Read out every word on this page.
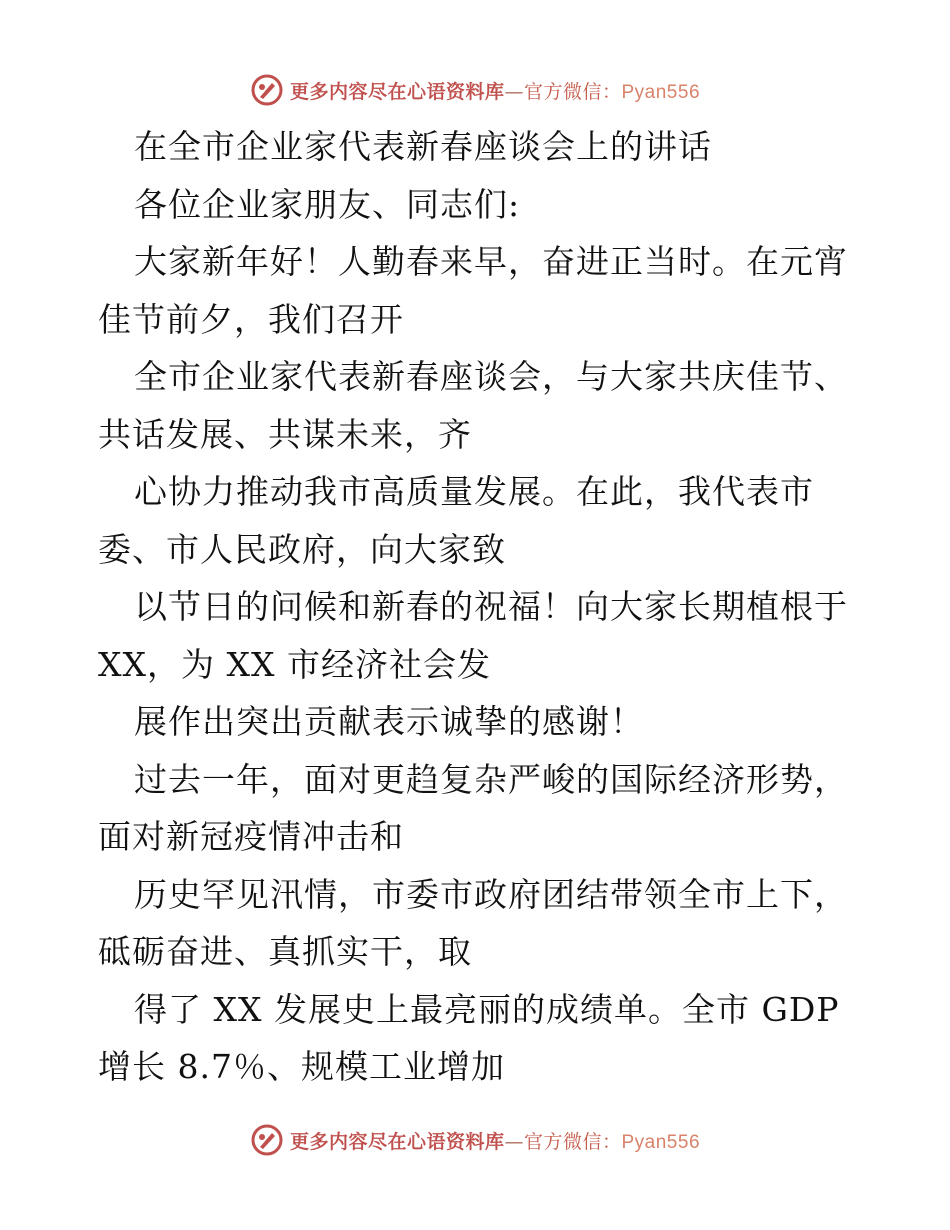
更多内容尽在心语资料库—官方微信：Pyan556
在全市企业家代表新春座谈会上的讲话
各位企业家朋友、同志们:
大家新年好！人勤春来早，奋进正当时。在元宵
佳节前夕，我们召开
全市企业家代表新春座谈会，与大家共庆佳节、
共话发展、共谋未来，齐
心协力推动我市高质量发展。在此，我代表市
委、市人民政府，向大家致
以节日的问候和新春的祝福！向大家长期植根于
XX，为 XX 市经济社会发
展作出突出贡献表示诚挚的感谢！
过去一年，面对更趋复杂严峻的国际经济形势，
面对新冠疫情冲击和
历史罕见汛情，市委市政府团结带领全市上下，
砥砺奋进、真抓实干，取
得了 XX 发展史上最亮丽的成绩单。全市 GDP
增长 8.7％、规模工业增加
更多内容尽在心语资料库—官方微信：Pyan556
